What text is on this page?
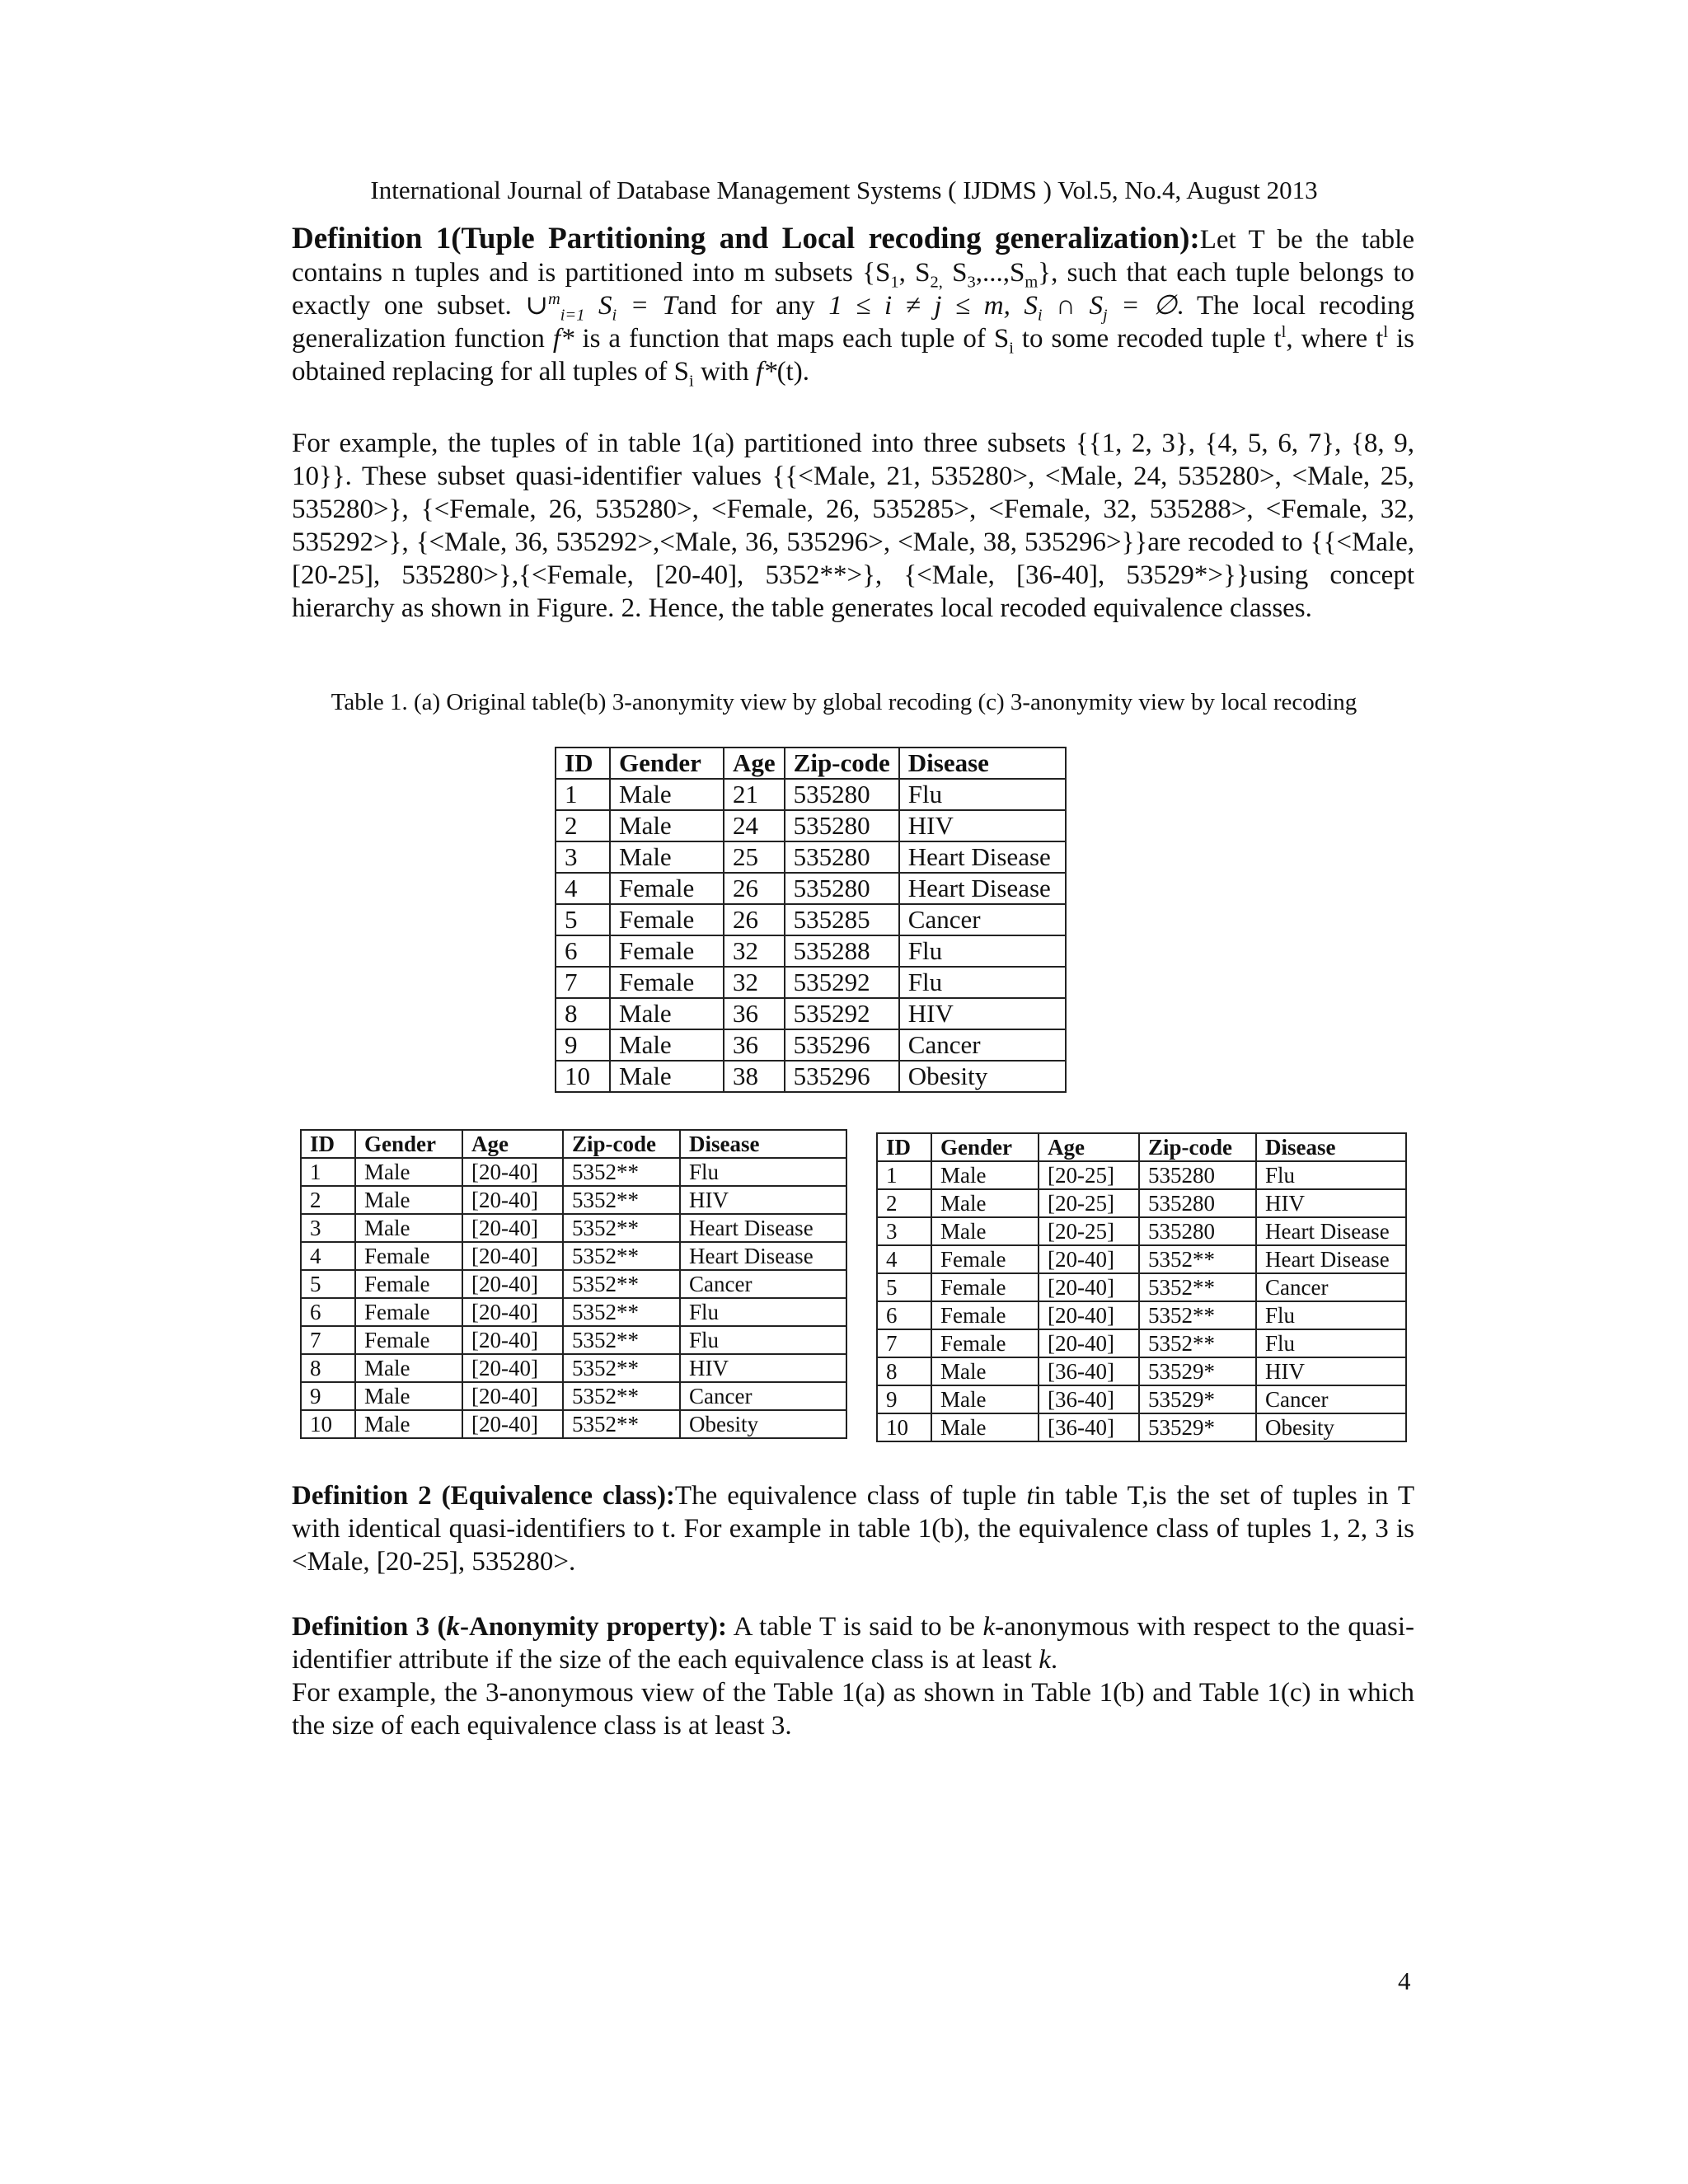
International Journal of Database Management Systems ( IJDMS ) Vol.5, No.4, August 2013

Definition 1(Tuple Partitioning and Local recoding generalization):Let T be the table contains n tuples and is partitioned into m subsets {$S_1$, $S_{2,}$ $S_3,...,S_m$}, such that each tuple belongs to exactly one subset. ∪$^m_{i=1}$ $S_i$ = Tand for any 1 ≤ i ≠ j ≤ m, $S_i$ ∩ $S_j$ = ∅. The local recoding generalization function f* is a function that maps each tuple of $S_i$ to some recoded tuple $t^l$, where $t^l$ is obtained replacing for all tuples of $S_i$ with f*(t).

For example, the tuples of in table 1(a) partitioned into three subsets {{1, 2, 3}, {4, 5, 6, 7}, {8, 9, 10}}. These subset quasi-identifier values {{<Male, 21, 535280>, <Male, 24, 535280>, <Male, 25, 535280>}, {<Female, 26, 535280>, <Female, 26, 535285>, <Female, 32, 535288>, <Female, 32, 535292>}, {<Male, 36, 535292>,<Male, 36, 535296>, <Male, 38, 535296>}}are recoded to {{<Male, [20-25], 535280>},{<Female, [20-40], 5352**>}, {<Male, [36-40], 53529*>}}using concept hierarchy as shown in Figure. 2. Hence, the table generates local recoded equivalence classes.

Table 1. (a) Original table(b) 3-anonymity view by global recoding (c) 3-anonymity view by local recoding
ID	Gender	Age	Zip-code	Disease
1	Male	21	535280	Flu
2	Male	24	535280	HIV
3	Male	25	535280	Heart Disease
4	Female	26	535280	Heart Disease
5	Female	26	535285	Cancer
6	Female	32	535288	Flu
7	Female	32	535292	Flu
8	Male	36	535292	HIV
9	Male	36	535296	Cancer
10	Male	38	535296	Obesity
ID	Gender	Age	Zip-code	Disease
1	Male	[20-40]	5352**	Flu
2	Male	[20-40]	5352**	HIV
3	Male	[20-40]	5352**	Heart Disease
4	Female	[20-40]	5352**	Heart Disease
5	Female	[20-40]	5352**	Cancer
6	Female	[20-40]	5352**	Flu
7	Female	[20-40]	5352**	Flu
8	Male	[20-40]	5352**	HIV
9	Male	[20-40]	5352**	Cancer
10	Male	[20-40]	5352**	Obesity
ID	Gender	Age	Zip-code	Disease
1	Male	[20-25]	535280	Flu
2	Male	[20-25]	535280	HIV
3	Male	[20-25]	535280	Heart Disease
4	Female	[20-40]	5352**	Heart Disease
5	Female	[20-40]	5352**	Cancer
6	Female	[20-40]	5352**	Flu
7	Female	[20-40]	5352**	Flu
8	Male	[36-40]	53529*	HIV
9	Male	[36-40]	53529*	Cancer
10	Male	[36-40]	53529*	Obesity

Definition 2 (Equivalence class):The equivalence class of tuple tin table T,is the set of tuples in T with identical quasi-identifiers to t. For example in table 1(b), the equivalence class of tuples 1, 2, 3 is <Male, [20-25], 535280>.

Definition 3 (k-Anonymity property): A table T is said to be k-anonymous with respect to the quasi-identifier attribute if the size of the each equivalence class is at least k.

For example, the 3-anonymous view of the Table 1(a) as shown in Table 1(b) and Table 1(c) in which the size of each equivalence class is at least 3.

4
